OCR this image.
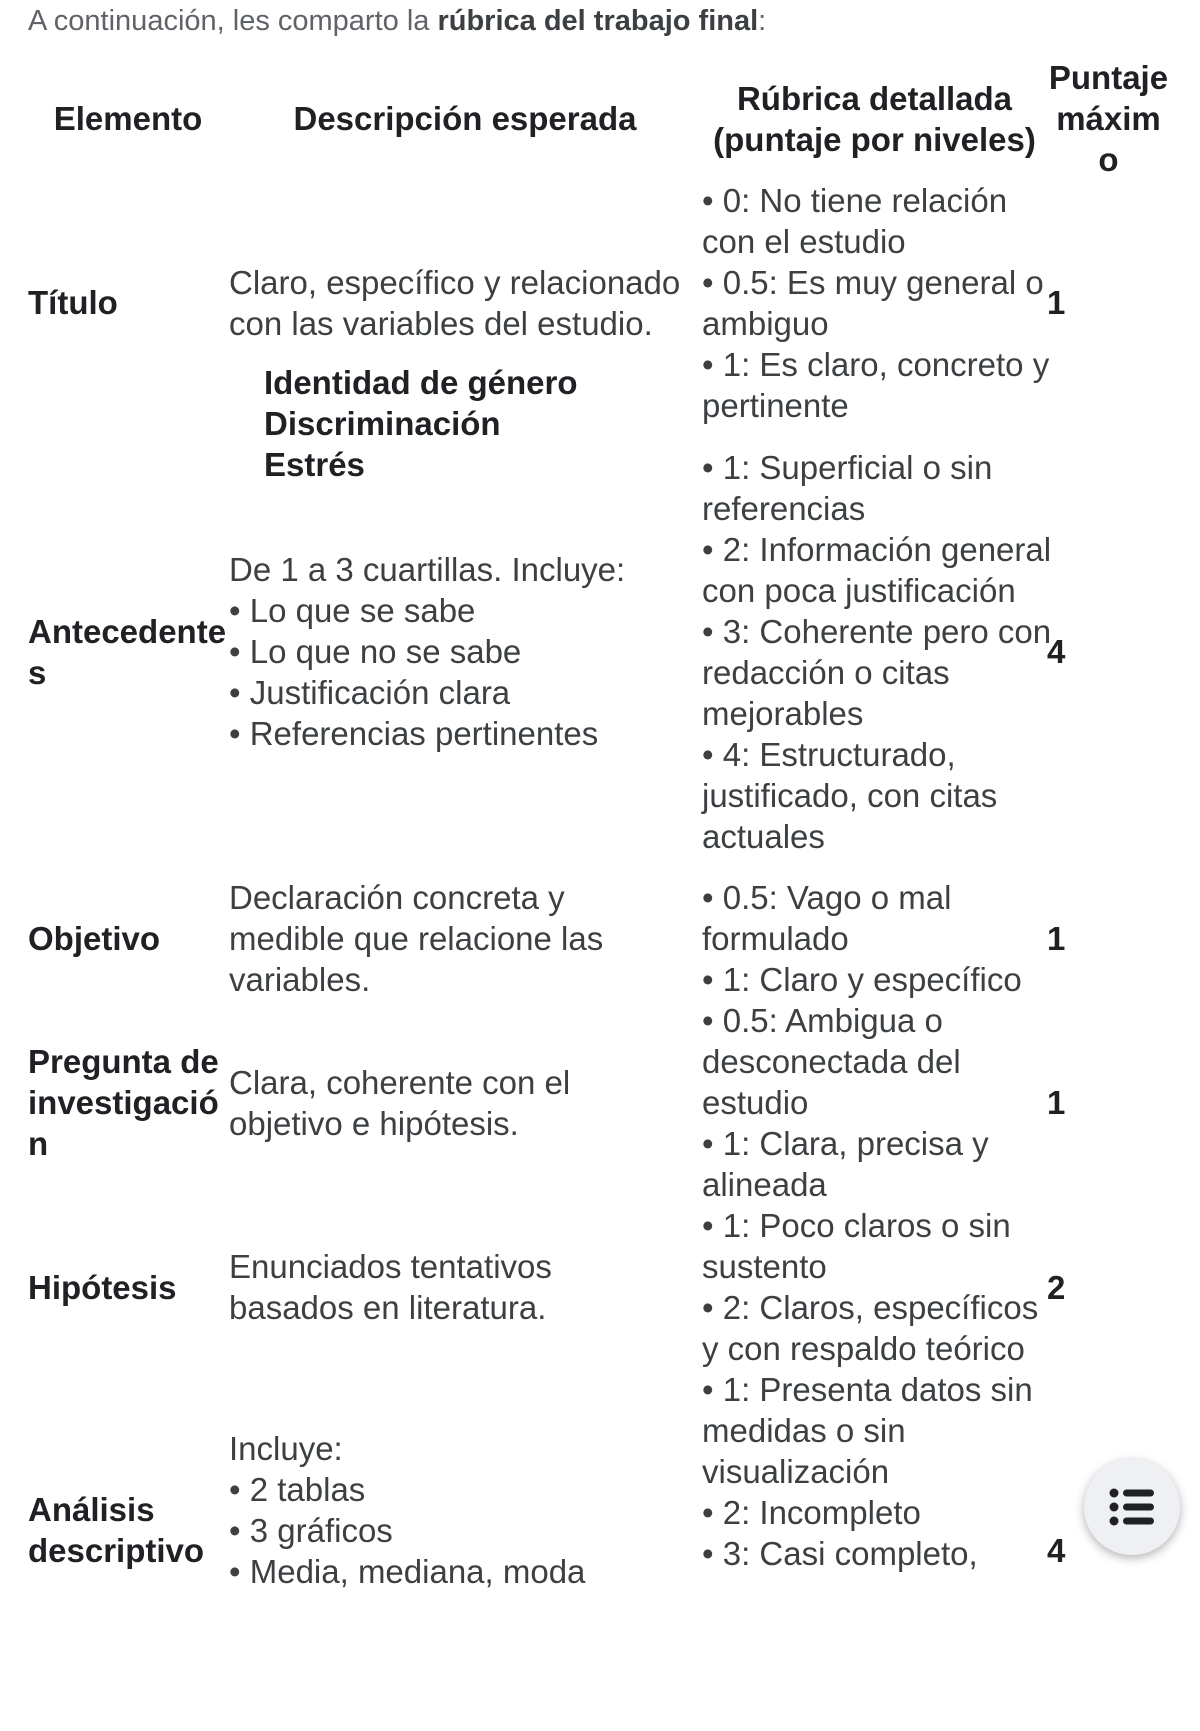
A continuación, les comparto la rúbrica del trabajo final:

Elemento	Descripción esperada
Rúbrica detallada
(puntaje por niveles)
Puntaje
máxim
o
Título
Claro, específico y relacionado
con las variables del estudio.
Identidad de género
Discriminación
Estrés
• 0: No tiene relación con el estudio
• 0.5: Es muy general o ambiguo
• 1: Es claro, concreto y pertinente
1
Antecedentes
De 1 a 3 cuartillas. Incluye:
• Lo que se sabe
• Lo que no se sabe
• Justificación clara
• Referencias pertinentes
• 1: Superficial o sin referencias
• 2: Información general con poca justificación
• 3: Coherente pero con redacción o citas mejorables
• 4: Estructurado, justificado, con citas actuales
4
Objetivo
Declaración concreta y
medible que relacione las
variables.
• 0.5: Vago o mal formulado
• 1: Claro y específico
1
Pregunta de investigación
Clara, coherente con el
objetivo e hipótesis.
• 0.5: Ambigua o desconectada del estudio
• 1: Clara, precisa y alineada
1
Hipótesis
Enunciados tentativos
basados en literatura.
• 1: Poco claros o sin sustento
• 2: Claros, específicos y con respaldo teórico
2
Análisis descriptivo
Incluye:
• 2 tablas
• 3 gráficos
• Media, mediana, moda
• 1: Presenta datos sin medidas o sin visualización
• 2: Incompleto
• 3: Casi completo,	4
